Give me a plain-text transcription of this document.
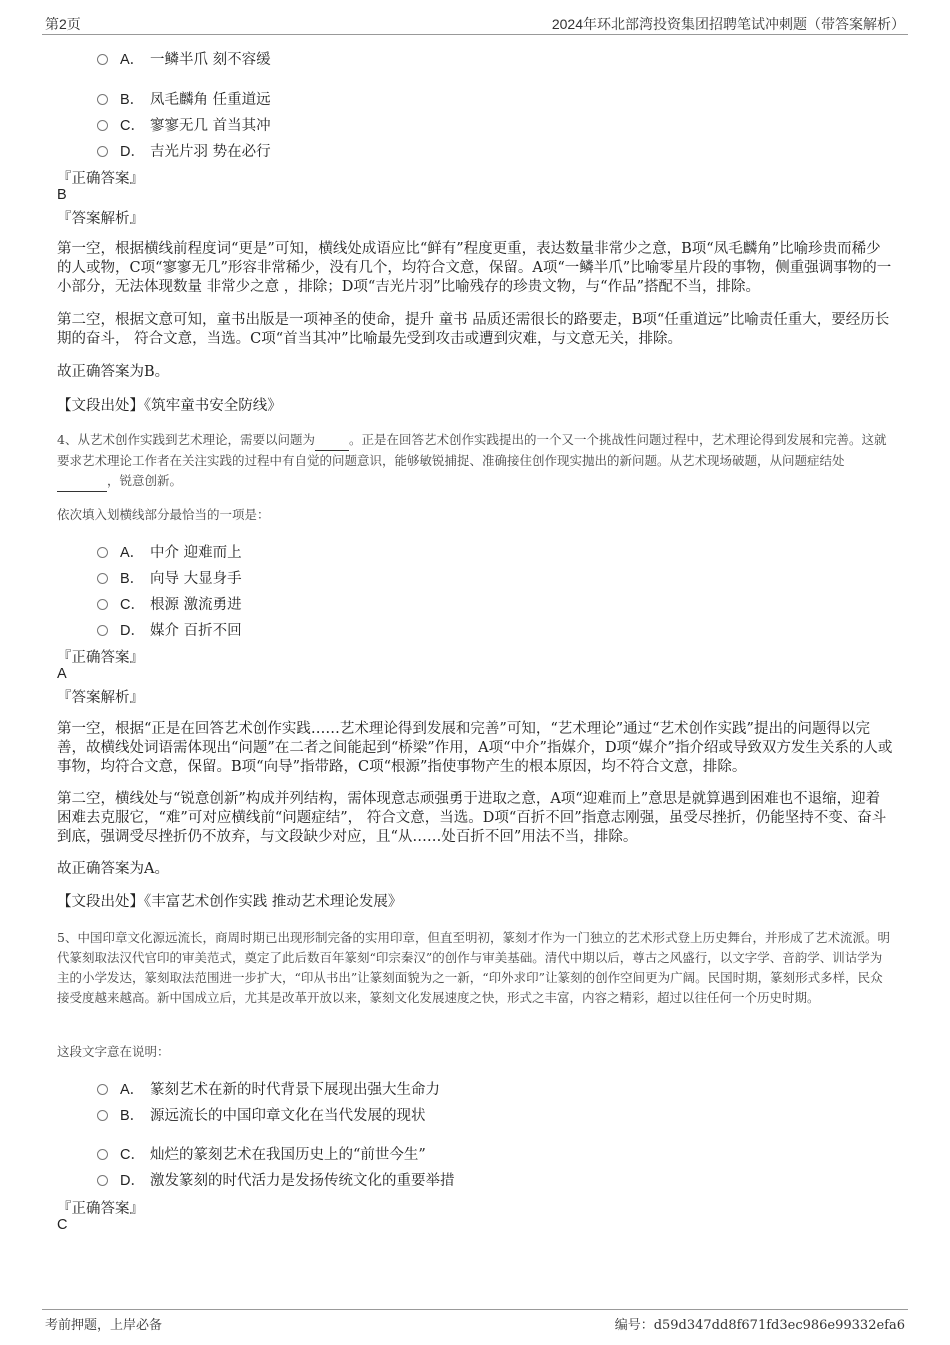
第2页	2024年环北部湾投资集团招聘笔试冲刺题（带答案解析）
A． 一鳞半爪 刻不容缓
B． 凤毛麟角 任重道远
C． 寥寥无几 首当其冲
D． 吉光片羽 势在必行
『正确答案』
B
『答案解析』
第一空，根据横线前程度词“更是”可知，横线处成语应比“鲜有”程度更重，表达数量非常少之意，B项“凤毛麟角”比喻珍贵而稀少的人或物，C项“寥寥无几”形容非常稀少，没有几个，均符合文意，保留。A项“一鳞半爪”比喻零星片段的事物，侧重强调事物的一小部分，无法体现数量 非常少之意 ，排除；D项“吉光片羽”比喻残存的珍贵文物，与“作品”搭配不当，排除。
第二空，根据文意可知，童书出版是一项神圣的使命，提升 童书 品质还需很长的路要走，B项“任重道远”比喻责任重大，要经历长期的奋斗， 符合文意，当选。C项“首当其冲”比喻最先受到攻击或遭到灾难，与文意无关，排除。
故正确答案为B。
【文段出处】《筑牢童书安全防线》
4、从艺术创作实践到艺术理论，需要以问题为	。正是在回答艺术创作实践提出的一个又一个挑战性问题过程中，艺术理论得到发展和完善。这就要求艺术理论工作者在关注实践的过程中有自觉的问题意识，能够敏锐捕捉、准确接住创作现实抛出的新问题。从艺术现场破题，从问题症结处 ，锐意创新。
依次填入划横线部分最恰当的一项是：
A． 中介 迎难而上
B． 向导 大显身手
C． 根源 激流勇进
D． 媒介 百折不回
『正确答案』
A
『答案解析』
第一空，根据“正是在回答艺术创作实践……艺术理论得到发展和完善”可知，“艺术理论”通过“艺术创作实践”提出的问题得以完善，故横线处词语需体现出“问题”在二者之间能起到“桥梁”作用，A项“中介”指媒介，D项“媒介”指介绍或导致双方发生关系的人或事物，均符合文意，保留。B项“向导”指带路，C项“根源”指使事物产生的根本原因，均不符合文意，排除。
第二空，横线处与“锐意创新”构成并列结构，需体现意志顽强勇于进取之意，A项“迎难而上”意思是就算遇到困难也不退缩，迎着困难去克服它，“难”可对应横线前“问题症结”， 符合文意，当选。D项“百折不回”指意志刚强，虽受尽挫折，仍能坚持不变、奋斗到底，强调受尽挫折仍不放弃，与文段缺少对应，且“从……处百折不回”用法不当，排除。
故正确答案为A。
【文段出处】《丰富艺术创作实践 推动艺术理论发展》
5、中国印章文化源远流长，商周时期已出现形制完备的实用印章，但直至明初，篆刻才作为一门独立的艺术形式登上历史舞台，并形成了艺术流派。明代篆刻取法汉代官印的审美范式，奠定了此后数百年篆刻“印宗秦汉”的创作与审美基础。清代中期以后，尊古之风盛行，以文字学、音韵学、训诂学为主的小学发达，篆刻取法范围进一步扩大，“印从书出”让篆刻面貌为之一新，“印外求印”让篆刻的创作空间更为广阔。民国时期，篆刻形式多样，民众接受度越来越高。新中国成立后，尤其是改革开放以来，篆刻文化发展速度之快，形式之丰富，内容之精彩，超过以往任何一个历史时期。
这段文字意在说明：
A． 篆刻艺术在新的时代背景下展现出强大生命力
B． 源远流长的中国印章文化在当代发展的现状
C． 灿烂的篆刻艺术在我国历史上的“前世今生”
D． 激发篆刻的时代活力是发扬传统文化的重要举措
『正确答案』
C
考前押题，上岸必备	编号：d59d347dd8f671fd3ec986e99332efa6
